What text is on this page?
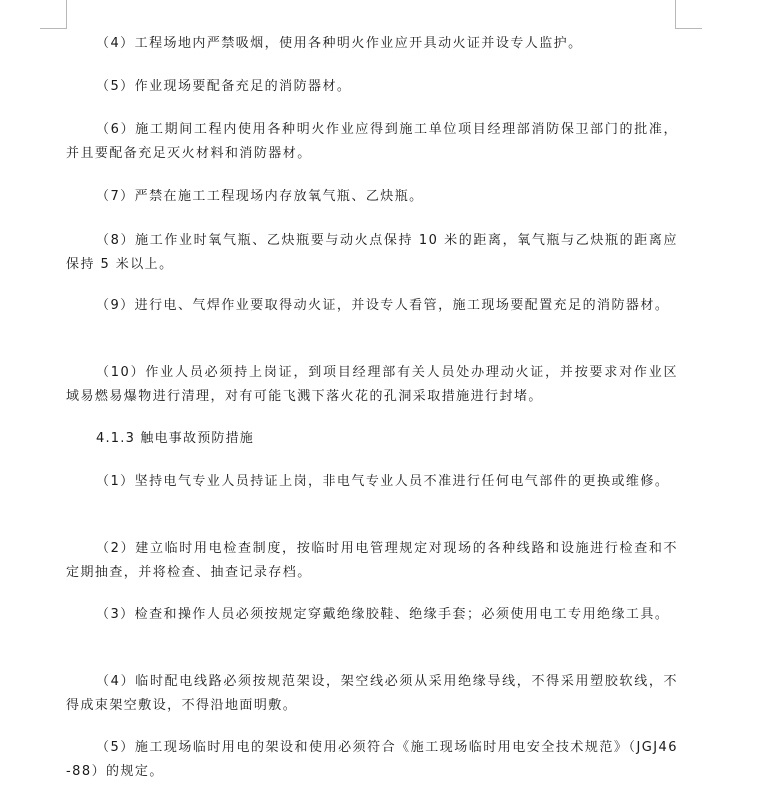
（4）工程场地内严禁吸烟，使用各种明火作业应开具动火证并设专人监护。

（5）作业现场要配备充足的消防器材。

（6）施工期间工程内使用各种明火作业应得到施工单位项目经理部消防保卫部门的批准，并且要配备充足灭火材料和消防器材。

（7）严禁在施工工程现场内存放氧气瓶、乙炔瓶。

（8）施工作业时氧气瓶、乙炔瓶要与动火点保持 10 米的距离，氧气瓶与乙炔瓶的距离应保持 5 米以上。

（9）进行电、气焊作业要取得动火证，并设专人看管，施工现场要配置充足的消防器材。

（10）作业人员必须持上岗证，到项目经理部有关人员处办理动火证，并按要求对作业区域易燃易爆物进行清理，对有可能飞溅下落火花的孔洞采取措施进行封堵。

4.1.3 触电事故预防措施

（1）坚持电气专业人员持证上岗，非电气专业人员不准进行任何电气部件的更换或维修。

（2）建立临时用电检查制度，按临时用电管理规定对现场的各种线路和设施进行检查和不定期抽查，并将检查、抽查记录存档。

（3）检查和操作人员必须按规定穿戴绝缘胶鞋、绝缘手套；必须使用电工专用绝缘工具。

（4）临时配电线路必须按规范架设，架空线必须从采用绝缘导线，不得采用塑胶软线，不得成束架空敷设，不得沿地面明敷。

（5）施工现场临时用电的架设和使用必须符合《施工现场临时用电安全技术规范》（JGJ46-88）的规定。
